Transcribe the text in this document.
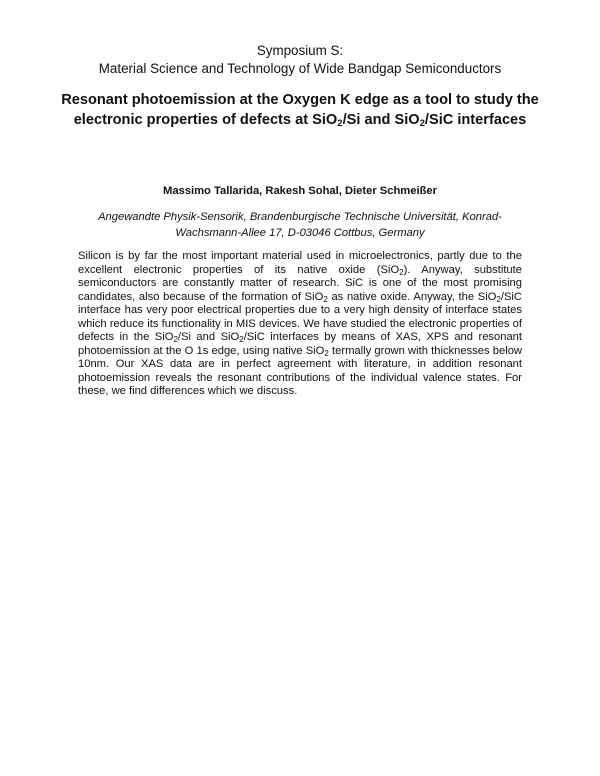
Symposium S:
Material Science and Technology of Wide Bandgap Semiconductors
Resonant photoemission at the Oxygen K edge as a tool to study the electronic properties of defects at SiO$_2$/Si and SiO$_2$/SiC interfaces
Massimo Tallarida, Rakesh Sohal, Dieter Schmeißer
Angewandte Physik-Sensorik, Brandenburgische Technische Universität, Konrad-Wachsmann-Allee 17, D-03046 Cottbus, Germany
Silicon is by far the most important material used in microelectronics, partly due to the excellent electronic properties of its native oxide (SiO$_2$). Anyway, substitute semiconductors are constantly matter of research. SiC is one of the most promising candidates, also because of the formation of SiO$_2$ as native oxide. Anyway, the SiO$_2$/SiC interface has very poor electrical properties due to a very high density of interface states which reduce its functionality in MIS devices. We have studied the electronic properties of defects in the SiO$_2$/Si and SiO$_2$/SiC interfaces by means of XAS, XPS and resonant photoemission at the O 1s edge, using native SiO$_2$ termally grown with thicknesses below 10nm. Our XAS data are in perfect agreement with literature, in addition resonant photoemission reveals the resonant contributions of the individual valence states. For these, we find differences which we discuss.
